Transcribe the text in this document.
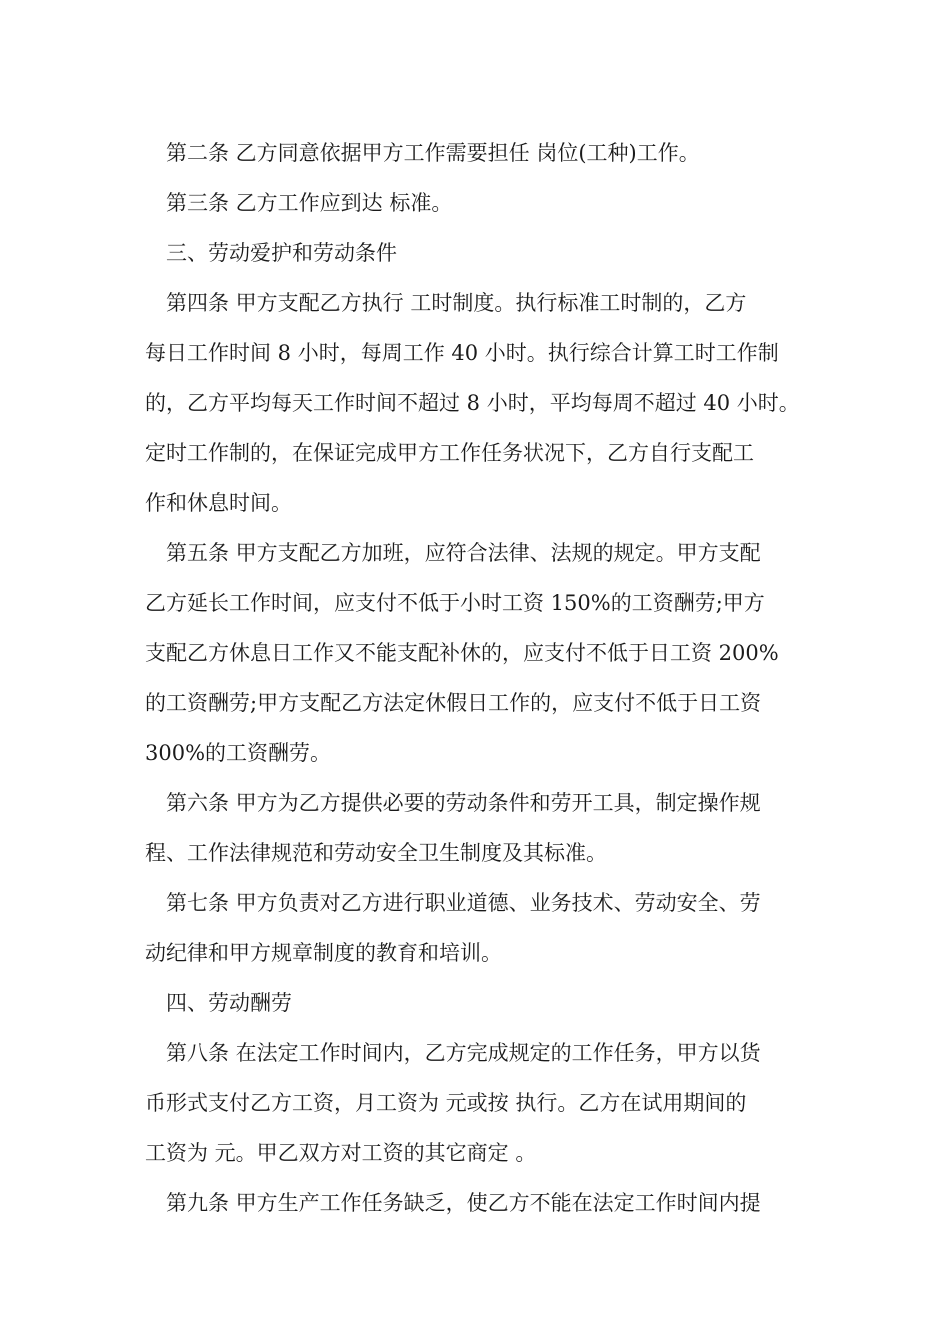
第二条 乙方同意依据甲方工作需要担任 岗位(工种)工作。
第三条 乙方工作应到达 标准。
三、劳动爱护和劳动条件
第四条 甲方支配乙方执行 工时制度。执行标准工时制的，乙方
每日工作时间 8 小时，每周工作 40 小时。执行综合计算工时工作制
的，乙方平均每天工作时间不超过 8 小时，平均每周不超过 40 小时。
定时工作制的，在保证完成甲方工作任务状况下，乙方自行支配工
作和休息时间。
第五条 甲方支配乙方加班，应符合法律、法规的规定。甲方支配
乙方延长工作时间，应支付不低于小时工资 150%的工资酬劳;甲方
支配乙方休息日工作又不能支配补休的，应支付不低于日工资 200%
的工资酬劳;甲方支配乙方法定休假日工作的，应支付不低于日工资
300%的工资酬劳。
第六条 甲方为乙方提供必要的劳动条件和劳开工具，制定操作规
程、工作法律规范和劳动安全卫生制度及其标准。
第七条 甲方负责对乙方进行职业道德、业务技术、劳动安全、劳
动纪律和甲方规章制度的教育和培训。
四、劳动酬劳
第八条 在法定工作时间内，乙方完成规定的工作任务，甲方以货
币形式支付乙方工资，月工资为 元或按 执行。乙方在试用期间的
工资为 元。甲乙双方对工资的其它商定 。
第九条 甲方生产工作任务缺乏，使乙方不能在法定工作时间内提
